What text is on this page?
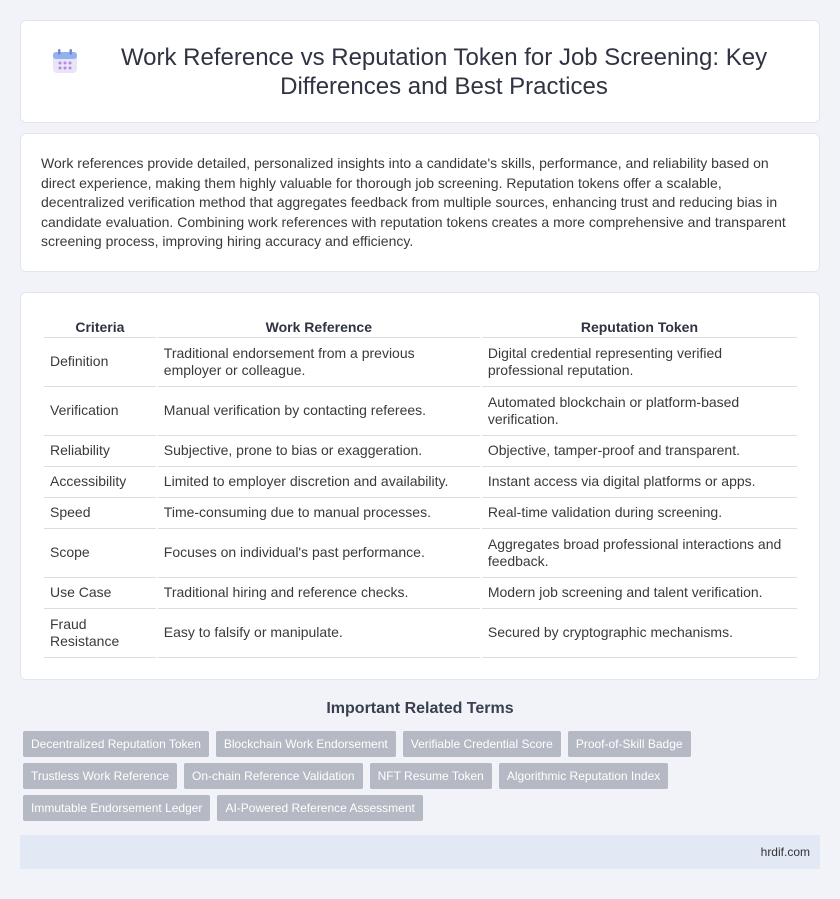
Work Reference vs Reputation Token for Job Screening: Key Differences and Best Practices

Work references provide detailed, personalized insights into a candidate's skills, performance, and reliability based on direct experience, making them highly valuable for thorough job screening. Reputation tokens offer a scalable, decentralized verification method that aggregates feedback from multiple sources, enhancing trust and reducing bias in candidate evaluation. Combining work references with reputation tokens creates a more comprehensive and transparent screening process, improving hiring accuracy and efficiency.

Criteria	Work Reference	Reputation Token
Definition	Traditional endorsement from a previous employer or colleague.	Digital credential representing verified professional reputation.
Verification	Manual verification by contacting referees.	Automated blockchain or platform-based verification.
Reliability	Subjective, prone to bias or exaggeration.	Objective, tamper-proof and transparent.
Accessibility	Limited to employer discretion and availability.	Instant access via digital platforms or apps.
Speed	Time-consuming due to manual processes.	Real-time validation during screening.
Scope	Focuses on individual's past performance.	Aggregates broad professional interactions and feedback.
Use Case	Traditional hiring and reference checks.	Modern job screening and talent verification.
Fraud Resistance	Easy to falsify or manipulate.	Secured by cryptographic mechanisms.
Important Related Terms
Decentralized Reputation Token	Blockchain Work Endorsement	Verifiable Credential Score	Proof-of-Skill Badge
Trustless Work Reference	On-chain Reference Validation	NFT Resume Token	Algorithmic Reputation Index
Immutable Endorsement Ledger	AI-Powered Reference Assessment
hrdif.com
